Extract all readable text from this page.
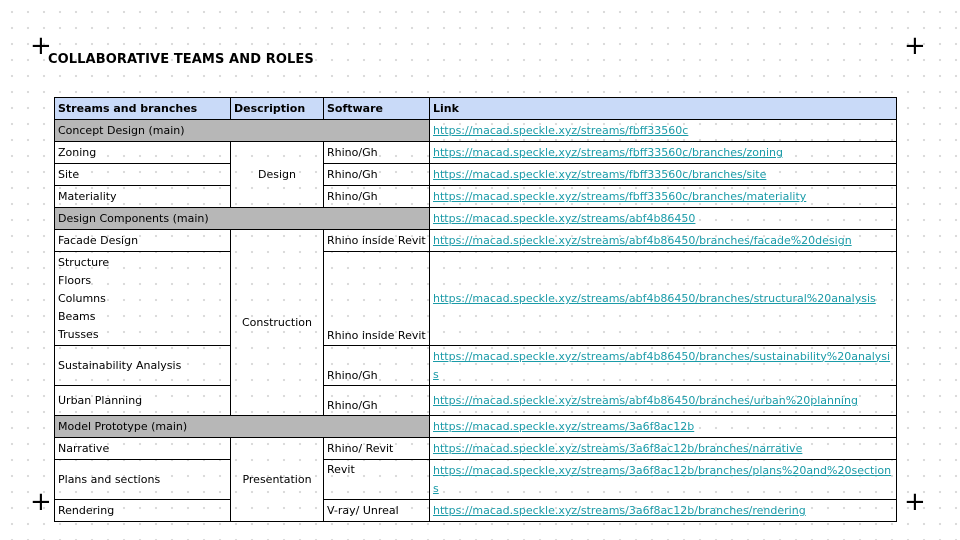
+	+
+	+
COLLABORATIVE TEAMS AND ROLES
Streams and branches	Description	Software	Link
Concept Design (main)			https://macad.speckle.xyz/streams/fbff33560c
Zoning	Design	Rhino/Gh	https://macad.speckle.xyz/streams/fbff33560c/branches/zoning
Site		Rhino/Gh	https://macad.speckle.xyz/streams/fbff33560c/branches/site
Materiality		Rhino/Gh	https://macad.speckle.xyz/streams/fbff33560c/branches/materiality
Design Components (main)			https://macad.speckle.xyz/streams/abf4b86450
Facade Design	Construction	Rhino inside Revit	https://macad.speckle.xyz/streams/abf4b86450/branches/facade%20design

Structure
Floors
Columns
Beams
Trusses		Rhino inside Revit	https://macad.speckle.xyz/streams/abf4b86450/branches/structural%20analysis
Sustainability Analysis		Rhino/Gh	https://macad.speckle.xyz/streams/abf4b86450/branches/sustainability%20analysis
Urban Planning		Rhino/Gh	https://macad.speckle.xyz/streams/abf4b86450/branches/urban%20planning
Model Prototype (main)			https://macad.speckle.xyz/streams/3a6f8ac12b
Narrative	Presentation	Rhino/ Revit	https://macad.speckle.xyz/streams/3a6f8ac12b/branches/narrative
Plans and sections		Revit	https://macad.speckle.xyz/streams/3a6f8ac12b/branches/plans%20and%20sections
Rendering		V-ray/ Unreal	https://macad.speckle.xyz/streams/3a6f8ac12b/branches/rendering
